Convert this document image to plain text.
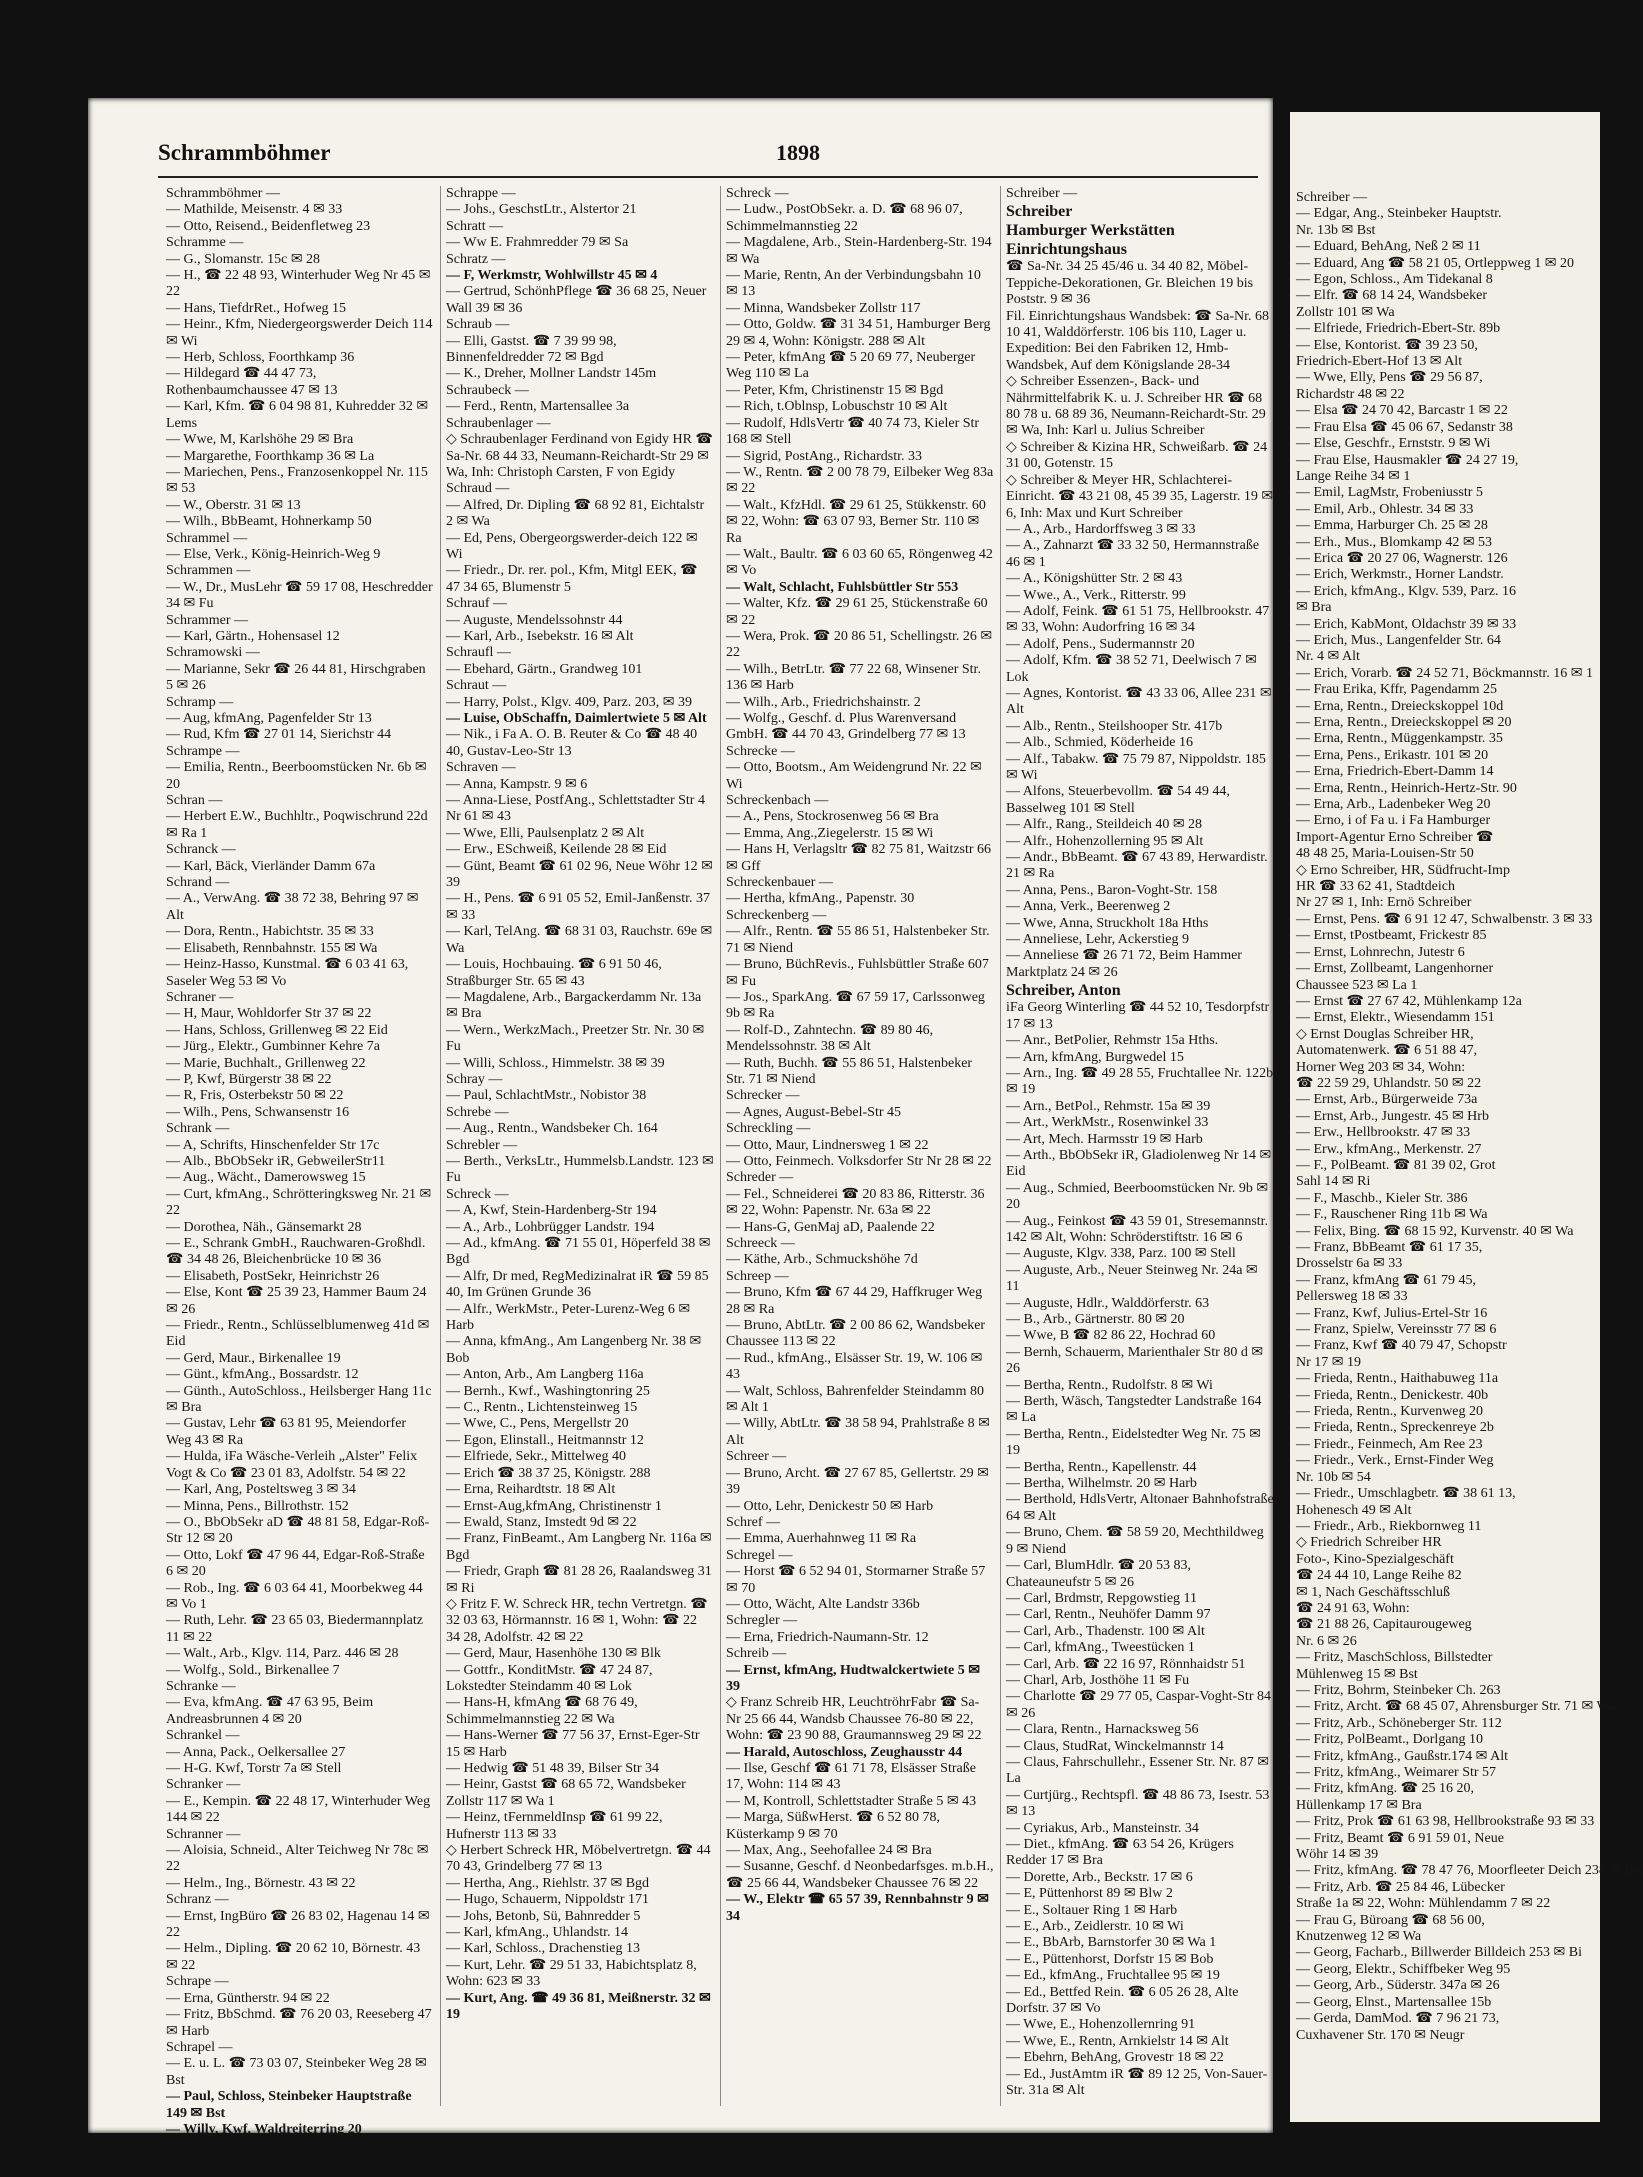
Schrammböhmer	1898
Schrammböhmer —
— Mathilde, Meisenstr. 4 ✉ 33
— Otto, Reisend., Beidenfletweg 23
Schramme —
— G., Slomanstr. 15c ✉ 28
— H., ☎ 22 48 93, Winterhuder Weg Nr 45 ✉ 22
— Hans, TiefdrRet., Hofweg 15
— Heinr., Kfm, Niedergeorgswerder Deich 114 ✉ Wi
— Herb, Schloss, Foorthkamp 36
— Hildegard ☎ 44 47 73, Rothenbaumchaussee 47 ✉ 13
— Karl, Kfm. ☎ 6 04 98 81, Kuhredder 32 ✉ Lems
— Wwe, M, Karlshöhe 29 ✉ Bra
— Margarethe, Foorthkamp 36 ✉ La
— Mariechen, Pens., Franzosenkoppel Nr. 115 ✉ 53
— W., Oberstr. 31 ✉ 13
— Wilh., BbBeamt, Hohnerkamp 50
Schrammel —
— Else, Verk., König-Heinrich-Weg 9
Schrammen —
— W., Dr., MusLehr ☎ 59 17 08, Heschredder 34 ✉ Fu
Schrammer —
— Karl, Gärtn., Hohensasel 12
Schramowski —
— Marianne, Sekr ☎ 26 44 81, Hirschgraben 5 ✉ 26
Schramp —
— Aug, kfmAng, Pagenfelder Str 13
— Rud, Kfm ☎ 27 01 14, Sierichstr 44
Schrampe —
— Emilia, Rentn., Beerboomstücken Nr. 6b ✉ 20
Schran —
— Herbert E.W., Buchhltr., Poqwischrund 22d ✉ Ra 1
Schranck —
— Karl, Bäck, Vierländer Damm 67a
Schrand —
— A., VerwAng. ☎ 38 72 38, Behring 97 ✉ Alt
— Dora, Rentn., Habichtstr. 35 ✉ 33
— Elisabeth, Rennbahnstr. 155 ✉ Wa
— Heinz-Hasso, Kunstmal. ☎ 6 03 41 63, Saseler Weg 53 ✉ Vo
Schraner —
— H, Maur, Wohldorfer Str 37 ✉ 22
— Hans, Schloss, Grillenweg ✉ 22 Eid
— Jürg., Elektr., Gumbinner Kehre 7a
— Marie, Buchhalt., Grillenweg 22
— P, Kwf, Bürgerstr 38 ✉ 22
— R, Fris, Osterbekstr 50 ✉ 22
— Wilh., Pens, Schwansenstr 16
Schrank —
— A, Schrifts, Hinschenfelder Str 17c
— Alb., BbObSekr iR, GebweilerStr11
— Aug., Wächt., Damerowsweg 15
— Curt, kfmAng., Schrötteringksweg Nr. 21 ✉ 22
— Dorothea, Näh., Gänsemarkt 28
— E., Schrank GmbH., Rauchwaren-Großhdl. ☎ 34 48 26, Bleichenbrücke 10 ✉ 36
— Elisabeth, PostSekr, Heinrichstr 26
— Else, Kont ☎ 25 39 23, Hammer Baum 24 ✉ 26
— Friedr., Rentn., Schlüsselblumenweg 41d ✉ Eid
— Gerd, Maur., Birkenallee 19
— Günt., kfmAng., Bossardstr. 12
— Günth., AutoSchloss., Heilsberger Hang 11c ✉ Bra
— Gustav, Lehr ☎ 63 81 95, Meiendorfer Weg 43 ✉ Ra
— Hulda, iFa Wäsche-Verleih „Alster" Felix Vogt & Co ☎ 23 01 83, Adolfstr. 54 ✉ 22
— Karl, Ang, Posteltsweg 3 ✉ 34
— Minna, Pens., Billrothstr. 152
— O., BbObSekr aD ☎ 48 81 58, Edgar-Roß-Str 12 ✉ 20
— Otto, Lokf ☎ 47 96 44, Edgar-Roß-Straße 6 ✉ 20
— Rob., Ing. ☎ 6 03 64 41, Moorbekweg 44 ✉ Vo 1
— Ruth, Lehr. ☎ 23 65 03, Biedermannplatz 11 ✉ 22
— Walt., Arb., Klgv. 114, Parz. 446 ✉ 28
— Wolfg., Sold., Birkenallee 7
Schranke —
— Eva, kfmAng. ☎ 47 63 95, Beim Andreasbrunnen 4 ✉ 20
Schrankel —
— Anna, Pack., Oelkersallee 27
— H-G. Kwf, Torstr 7a ✉ Stell
Schranker —
— E., Kempin. ☎ 22 48 17, Winterhuder Weg 144 ✉ 22
Schranner —
— Aloisia, Schneid., Alter Teichweg Nr 78c ✉ 22
— Helm., Ing., Börnestr. 43 ✉ 22
Schranz —
— Ernst, IngBüro ☎ 26 83 02, Hagenau 14 ✉ 22
— Helm., Dipling. ☎ 20 62 10, Börnestr. 43 ✉ 22
Schrape —
— Erna, Güntherstr. 94 ✉ 22
— Fritz, BbSchmd. ☎ 76 20 03, Reeseberg 47 ✉ Harb
Schrapel —
— E. u. L. ☎ 73 03 07, Steinbeker Weg 28 ✉ Bst
— Paul, Schloss, Steinbeker Hauptstraße 149 ✉ Bst
— Willy, Kwf, Waldreiterring 20
Schrappe —
— Johs., GeschstLtr., Alstertor 21
Schratt —
— Ww E. Frahmredder 79 ✉ Sa
Schratz —
— F, Werkmstr, Wohlwillstr 45 ✉ 4
— Gertrud, SchönhPflege ☎ 36 68 25, Neuer Wall 39 ✉ 36
Schraub —
— Elli, Gastst. ☎ 7 39 99 98, Binnenfeldredder 72 ✉ Bgd
— K., Dreher, Mollner Landstr 145m
Schraubeck —
— Ferd., Rentn, Martensallee 3a
Schraubenlager —
◇ Schraubenlager Ferdinand von Egidy HR ☎ Sa-Nr. 68 44 33, Neumann-Reichardt-Str 29 ✉ Wa, Inh: Christoph Carsten, F von Egidy
Schraud —
— Alfred, Dr. Dipling ☎ 68 92 81, Eichtalstr 2 ✉ Wa
— Ed, Pens, Obergeorgswerder-deich 122 ✉ Wi
— Friedr., Dr. rer. pol., Kfm, Mitgl EEK, ☎ 47 34 65, Blumenstr 5
Schrauf —
— Auguste, Mendelssohnstr 44
— Karl, Arb., Isebekstr. 16 ✉ Alt
Schraufl —
— Ebehard, Gärtn., Grandweg 101
Schraut —
— Harry, Polst., Klgv. 409, Parz. 203, ✉ 39
— Luise, ObSchaffn, Daimlertwiete 5 ✉ Alt
— Nik., i Fa A. O. B. Reuter & Co ☎ 48 40 40, Gustav-Leo-Str 13
Schraven —
— Anna, Kampstr. 9 ✉ 6
— Anna-Liese, PostfAng., Schlettstadter Str 4 Nr 61 ✉ 43
— Wwe, Elli, Paulsenplatz 2 ✉ Alt
— Erw., ESchweiß, Keilende 28 ✉ Eid
— Günt, Beamt ☎ 61 02 96, Neue Wöhr 12 ✉ 39
— H., Pens. ☎ 6 91 05 52, Emil-Janßenstr. 37 ✉ 33
— Karl, TelAng. ☎ 68 31 03, Rauchstr. 69e ✉ Wa
— Louis, Hochbauing. ☎ 6 91 50 46, Straßburger Str. 65 ✉ 43
— Magdalene, Arb., Bargackerdamm Nr. 13a ✉ Bra
— Wern., WerkzMach., Preetzer Str. Nr. 30 ✉ Fu
— Willi, Schloss., Himmelstr. 38 ✉ 39
Schray —
— Paul, SchlachtMstr., Nobistor 38
Schrebe —
— Aug., Rentn., Wandsbeker Ch. 164
Schrebler —
— Berth., VerksLtr., Hummelsb.Landstr. 123 ✉ Fu
Schreck —
— A, Kwf, Stein-Hardenberg-Str 194
— A., Arb., Lohbrügger Landstr. 194
— Ad., kfmAng. ☎ 71 55 01, Höperfeld 38 ✉ Bgd
— Alfr, Dr med, RegMedizinalrat iR ☎ 59 85 40, Im Grünen Grunde 36
— Alfr., WerkMstr., Peter-Lurenz-Weg 6 ✉ Harb
— Anna, kfmAng., Am Langenberg Nr. 38 ✉ Bob
— Anton, Arb., Am Langberg 116a
— Bernh., Kwf., Washingtonring 25
— C., Rentn., Lichtensteinweg 15
— Wwe, C., Pens, Mergellstr 20
— Egon, Elinstall., Heitmannstr 12
— Elfriede, Sekr., Mittelweg 40
— Erich ☎ 38 37 25, Königstr. 288
— Erna, Reihardtstr. 18 ✉ Alt
— Ernst-Aug,kfmAng, Christinenstr 1
— Ewald, Stanz, Imstedt 9d ✉ 22
— Franz, FinBeamt., Am Langberg Nr. 116a ✉ Bgd
— Friedr, Graph ☎ 81 28 26, Raalandsweg 31 ✉ Ri
◇ Fritz F. W. Schreck HR, techn Vertretgn. ☎ 32 03 63, Hörmannstr. 16 ✉ 1, Wohn: ☎ 22 34 28, Adolfstr. 42 ✉ 22
— Gerd, Maur, Hasenhöhe 130 ✉ Blk
— Gottfr., KonditMstr. ☎ 47 24 87, Lokstedter Steindamm 40 ✉ Lok
— Hans-H, kfmAng ☎ 68 76 49, Schimmelmannstieg 22 ✉ Wa
— Hans-Werner ☎ 77 56 37, Ernst-Eger-Str 15 ✉ Harb
— Hedwig ☎ 51 48 39, Bilser Str 34
— Heinr, Gastst ☎ 68 65 72, Wandsbeker Zollstr 117 ✉ Wa 1
— Heinz, tFernmeldInsp ☎ 61 99 22, Hufnerstr 113 ✉ 33
◇ Herbert Schreck HR, Möbelvertretgn. ☎ 44 70 43, Grindelberg 77 ✉ 13
— Hertha, Ang., Riehlstr. 37 ✉ Bgd
— Hugo, Schauerm, Nippoldstr 171
— Johs, Betonb, Sü, Bahnredder 5
— Karl, kfmAng., Uhlandstr. 14
— Karl, Schloss., Drachenstieg 13
— Kurt, Lehr. ☎ 29 51 33, Habichtsplatz 8, Wohn: 623 ✉ 33
— Kurt, Ang. ☎ 49 36 81, Meißnerstr. 32 ✉ 19
Schreck —
— Ludw., PostObSekr. a. D. ☎ 68 96 07, Schimmelmannstieg 22
— Magdalene, Arb., Stein-Hardenberg-Str. 194 ✉ Wa
— Marie, Rentn, An der Verbindungsbahn 10 ✉ 13
— Minna, Wandsbeker Zollstr 117
— Otto, Goldw. ☎ 31 34 51, Hamburger Berg 29 ✉ 4, Wohn: Königstr. 288 ✉ Alt
— Peter, kfmAng ☎ 5 20 69 77, Neuberger Weg 110 ✉ La
— Peter, Kfm, Christinenstr 15 ✉ Bgd
— Rich, t.Oblnsp, Lobuschstr 10 ✉ Alt
— Rudolf, HdlsVertr ☎ 40 74 73, Kieler Str 168 ✉ Stell
— Sigrid, PostAng., Richardstr. 33
— W., Rentn. ☎ 2 00 78 79, Eilbeker Weg 83a ✉ 22
— Walt., KfzHdl. ☎ 29 61 25, Stükkenstr. 60 ✉ 22, Wohn: ☎ 63 07 93, Berner Str. 110 ✉ Ra
— Walt., Baultr. ☎ 6 03 60 65, Röngenweg 42 ✉ Vo
— Walt, Schlacht, Fuhlsbüttler Str 553
— Walter, Kfz. ☎ 29 61 25, Stückenstraße 60 ✉ 22
— Wera, Prok. ☎ 20 86 51, Schellingstr. 26 ✉ 22
— Wilh., BetrLtr. ☎ 77 22 68, Winsener Str. 136 ✉ Harb
— Wilh., Arb., Friedrichshainstr. 2
— Wolfg., Geschf. d. Plus Warenversand GmbH. ☎ 44 70 43, Grindelberg 77 ✉ 13
Schrecke —
— Otto, Bootsm., Am Weidengrund Nr. 22 ✉ Wi
Schreckenbach —
— A., Pens, Stockrosenweg 56 ✉ Bra
— Emma, Ang.,Ziegelerstr. 15 ✉ Wi
— Hans H, Verlagsltr ☎ 82 75 81, Waitzstr 66 ✉ Gff
Schreckenbauer —
— Hertha, kfmAng., Papenstr. 30
Schreckenberg —
— Alfr., Rentn. ☎ 55 86 51, Halstenbeker Str. 71 ✉ Niend
— Bruno, BüchRevis., Fuhlsbüttler Straße 607 ✉ Fu
— Jos., SparkAng. ☎ 67 59 17, Carlssonweg 9b ✉ Ra
— Rolf-D., Zahntechn. ☎ 89 80 46, Mendelssohnstr. 38 ✉ Alt
— Ruth, Buchh. ☎ 55 86 51, Halstenbeker Str. 71 ✉ Niend
Schrecker —
— Agnes, August-Bebel-Str 45
Schreckling —
— Otto, Maur, Lindnersweg 1 ✉ 22
— Otto, Feinmech. Volksdorfer Str Nr 28 ✉ 22
Schreder —
— Fel., Schneiderei ☎ 20 83 86, Ritterstr. 36 ✉ 22, Wohn: Papenstr. Nr. 63a ✉ 22
— Hans-G, GenMaj aD, Paalende 22
Schreeck —
— Käthe, Arb., Schmuckshöhe 7d
Schreep —
— Bruno, Kfm ☎ 67 44 29, Haffkruger Weg 28 ✉ Ra
— Bruno, AbtLtr. ☎ 2 00 86 62, Wandsbeker Chaussee 113 ✉ 22
— Rud., kfmAng., Elsässer Str. 19, W. 106 ✉ 43
— Walt, Schloss, Bahrenfelder Steindamm 80 ✉ Alt 1
— Willy, AbtLtr. ☎ 38 58 94, Prahlstraße 8 ✉ Alt
Schreer —
— Bruno, Archt. ☎ 27 67 85, Gellertstr. 29 ✉ 39
— Otto, Lehr, Denickestr 50 ✉ Harb
Schref —
— Emma, Auerhahnweg 11 ✉ Ra
Schregel —
— Horst ☎ 6 52 94 01, Stormarner Straße 57 ✉ 70
— Otto, Wächt, Alte Landstr 336b
Schregler —
— Erna, Friedrich-Naumann-Str. 12
Schreib —
— Ernst, kfmAng, Hudtwalckertwiete 5 ✉ 39
◇ Franz Schreib HR, LeuchtröhrFabr ☎ Sa-Nr 25 66 44, Wandsb Chaussee 76-80 ✉ 22, Wohn: ☎ 23 90 88, Graumannsweg 29 ✉ 22
— Harald, Autoschloss, Zeughausstr 44
— Ilse, Geschf ☎ 61 71 78, Elsässer Straße 17, Wohn: 114 ✉ 43
— M, Kontroll, Schlettstadter Straße 5 ✉ 43
— Marga, SüßwHerst. ☎ 6 52 80 78, Küsterkamp 9 ✉ 70
— Max, Ang., Seehofallee 24 ✉ Bra
— Susanne, Geschf. d Neonbedarfsges. m.b.H., ☎ 25 66 44, Wandsbeker Chaussee 76 ✉ 22
— W., Elektr ☎ 65 57 39, Rennbahnstr 9 ✉ 34
Schreiber —
Schreiber
Hamburger Werkstätten
Einrichtungshaus
☎ Sa-Nr. 34 25 45/46 u. 34 40 82, Möbel-Teppiche-Dekorationen, Gr. Bleichen 19 bis Poststr. 9 ✉ 36
Fil. Einrichtungshaus Wandsbek: ☎ Sa-Nr. 68 10 41, Walddörferstr. 106 bis 110, Lager u. Expedition: Bei den Fabriken 12, Hmb-Wandsbek, Auf dem Königslande 28-34
◇ Schreiber Essenzen-, Back- und Nährmittelfabrik K. u. J. Schreiber HR ☎ 68 80 78 u. 68 89 36, Neumann-Reichardt-Str. 29 ✉ Wa, Inh: Karl u. Julius Schreiber
◇ Schreiber & Kizina HR, Schweißarb. ☎ 24 31 00, Gotenstr. 15
◇ Schreiber & Meyer HR, Schlachterei-Einricht. ☎ 43 21 08, 45 39 35, Lagerstr. 19 ✉ 6, Inh: Max und Kurt Schreiber
— A., Arb., Hardorffsweg 3 ✉ 33
— A., Zahnarzt ☎ 33 32 50, Hermannstraße 46 ✉ 1
— A., Königshütter Str. 2 ✉ 43
— Wwe., A., Verk., Ritterstr. 99
— Adolf, Feink. ☎ 61 51 75, Hellbrookstr. 47 ✉ 33, Wohn: Audorfring 16 ✉ 34
— Adolf, Pens., Sudermannstr 20
— Adolf, Kfm. ☎ 38 52 71, Deelwisch 7 ✉ Lok
— Agnes, Kontorist. ☎ 43 33 06, Allee 231 ✉ Alt
— Alb., Rentn., Steilshooper Str. 417b
— Alb., Schmied, Köderheide 16
— Alf., Tabakw. ☎ 75 79 87, Nippoldstr. 185 ✉ Wi
— Alfons, Steuerbevollm. ☎ 54 49 44, Basselweg 101 ✉ Stell
— Alfr., Rang., Steildeich 40 ✉ 28
— Alfr., Hohenzollerning 95 ✉ Alt
— Andr., BbBeamt. ☎ 67 43 89, Herwardistr. 21 ✉ Ra
— Anna, Pens., Baron-Voght-Str. 158
— Anna, Verk., Beerenweg 2
— Wwe, Anna, Struckholt 18a Hths
— Anneliese, Lehr, Ackerstieg 9
— Anneliese ☎ 26 71 72, Beim Hammer Marktplatz 24 ✉ 26
Schreiber, Anton
iFa Georg Winterling ☎ 44 52 10, Tesdorpfstr 17 ✉ 13
— Anr., BetPolier, Rehmstr 15a Hths.
— Arn, kfmAng, Burgwedel 15
— Arn., Ing. ☎ 49 28 55, Fruchtallee Nr. 122b ✉ 19
— Arn., BetPol., Rehmstr. 15a ✉ 39
— Art., WerkMstr., Rosenwinkel 33
— Art, Mech. Harmsstr 19 ✉ Harb
— Arth., BbObSekr iR, Gladiolenweg Nr 14 ✉ Eid
— Aug., Schmied, Beerboomstücken Nr. 9b ✉ 20
— Aug., Feinkost ☎ 43 59 01, Stresemannstr. 142 ✉ Alt, Wohn: Schröderstiftstr. 16 ✉ 6
— Auguste, Klgv. 338, Parz. 100 ✉ Stell
— Auguste, Arb., Neuer Steinweg Nr. 24a ✉ 11
— Auguste, Hdlr., Walddörferstr. 63
— B., Arb., Gärtnerstr. 80 ✉ 20
— Wwe, B ☎ 82 86 22, Hochrad 60
— Bernh, Schauerm, Marienthaler Str 80 d ✉ 26
— Bertha, Rentn., Rudolfstr. 8 ✉ Wi
— Berth, Wäsch, Tangstedter Landstraße 164 ✉ La
— Bertha, Rentn., Eidelstedter Weg Nr. 75 ✉ 19
— Bertha, Rentn., Kapellenstr. 44
— Bertha, Wilhelmstr. 20 ✉ Harb
— Berthold, HdlsVertr, Altonaer Bahnhofstraße 64 ✉ Alt
— Bruno, Chem. ☎ 58 59 20, Mechthildweg 9 ✉ Niend
— Carl, BlumHdlr. ☎ 20 53 83, Chateauneufstr 5 ✉ 26
— Carl, Brdmstr, Repgowstieg 11
— Carl, Rentn., Neuhöfer Damm 97
— Carl, Arb., Thadenstr. 100 ✉ Alt
— Carl, kfmAng., Tweestücken 1
— Carl, Arb. ☎ 22 16 97, Rönnhaidstr 51
— Charl, Arb, Josthöhe 11 ✉ Fu
— Charlotte ☎ 29 77 05, Caspar-Voght-Str 84 ✉ 26
— Clara, Rentn., Harnacksweg 56
— Claus, StudRat, Winckelmannstr 14
— Claus, Fahrschullehr., Essener Str. Nr. 87 ✉ La
— Curtjürg., Rechtspfl. ☎ 48 86 73, Isestr. 53 ✉ 13
— Cyriakus, Arb., Mansteinstr. 34
— Diet., kfmAng. ☎ 63 54 26, Krügers Redder 17 ✉ Bra
— Dorette, Arb., Beckstr. 17 ✉ 6
— E, Püttenhorst 89 ✉ Blw 2
— E., Soltauer Ring 1 ✉ Harb
— E., Arb., Zeidlerstr. 10 ✉ Wi
— E., BbArb, Barnstorfer 30 ✉ Wa 1
— E., Püttenhorst, Dorfstr 15 ✉ Bob
— Ed., kfmAng., Fruchtallee 95 ✉ 19
— Ed., Bettfed Rein. ☎ 6 05 26 28, Alte Dorfstr. 37 ✉ Vo
— Wwe, E., Hohenzollernring 91
— Wwe, E., Rentn, Arnkielstr 14 ✉ Alt
— Ebehrn, BehAng, Grovestr 18 ✉ 22
— Ed., JustAmtm iR ☎ 89 12 25, Von-Sauer-Str. 31a ✉ Alt
Schreiber —
— Edgar, Ang., Steinbeker Hauptstr.
Nr. 13b ✉ Bst
— Eduard, BehAng, Neß 2 ✉ 11
— Eduard, Ang ☎ 58 21 05, Ortleppweg 1 ✉ 20
— Egon, Schloss., Am Tidekanal 8
— Elfr. ☎ 68 14 24, Wandsbeker
Zollstr 101 ✉ Wa
— Elfriede, Friedrich-Ebert-Str. 89b
— Else, Kontorist. ☎ 39 23 50,
Friedrich-Ebert-Hof 13 ✉ Alt
— Wwe, Elly, Pens ☎ 29 56 87,
Richardstr 48 ✉ 22
— Elsa ☎ 24 70 42, Barcastr 1 ✉ 22
— Frau Elsa ☎ 45 06 67, Sedanstr 38
— Else, Geschfr., Ernststr. 9 ✉ Wi
— Frau Else, Hausmakler ☎ 24 27 19,
Lange Reihe 34 ✉ 1
— Emil, LagMstr, Frobeniusstr 5
— Emil, Arb., Ohlestr. 34 ✉ 33
— Emma, Harburger Ch. 25 ✉ 28
— Erh., Mus., Blomkamp 42 ✉ 53
— Erica ☎ 20 27 06, Wagnerstr. 126
— Erich, Werkmstr., Horner Landstr.
— Erich, kfmAng., Klgv. 539, Parz. 16
✉ Bra
— Erich, KabMont, Oldachstr 39 ✉ 33
— Erich, Mus., Langenfelder Str. 64
Nr. 4 ✉ Alt
— Erich, Vorarb. ☎ 24 52 71, Böckmannstr. 16 ✉ 1
— Frau Erika, Kffr, Pagendamm 25
— Erna, Rentn., Dreieckskoppel 10d
— Erna, Rentn., Dreieckskoppel ✉ 20
— Erna, Rentn., Müggenkampstr. 35
— Erna, Pens., Erikastr. 101 ✉ 20
— Erna, Friedrich-Ebert-Damm 14
— Erna, Rentn., Heinrich-Hertz-Str. 90
— Erna, Arb., Ladenbeker Weg 20
— Erno, i of Fa u. i Fa Hamburger
Import-Agentur Erno Schreiber ☎
48 48 25, Maria-Louisen-Str 50
◇ Erno Schreiber, HR, Südfrucht-Imp
HR ☎ 33 62 41, Stadtdeich
Nr 27 ✉ 1, Inh: Ernö Schreiber
— Ernst, Pens. ☎ 6 91 12 47, Schwalbenstr. 3 ✉ 33
— Ernst, tPostbeamt, Frickestr 85
— Ernst, Lohnrechn, Jutestr 6
— Ernst, Zollbeamt, Langenhorner
Chaussee 523 ✉ La 1
— Ernst ☎ 27 67 42, Mühlenkamp 12a
— Ernst, Elektr., Wiesendamm 151
◇ Ernst Douglas Schreiber HR,
Automatenwerk. ☎ 6 51 88 47,
Horner Weg 203 ✉ 34, Wohn:
☎ 22 59 29, Uhlandstr. 50 ✉ 22
— Ernst, Arb., Bürgerweide 73a
— Ernst, Arb., Jungestr. 45 ✉ Hrb
— Erw., Hellbrookstr. 47 ✉ 33
— Erw., kfmAng., Merkenstr. 27
— F., PolBeamt. ☎ 81 39 02, Grot
Sahl 14 ✉ Ri
— F., Maschb., Kieler Str. 386
— F., Rauschener Ring 11b ✉ Wa
— Felix, Bing. ☎ 68 15 92, Kurvenstr. 40 ✉ Wa
— Franz, BbBeamt ☎ 61 17 35,
Drosselstr 6a ✉ 33
— Franz, kfmAng ☎ 61 79 45,
Pellersweg 18 ✉ 33
— Franz, Kwf, Julius-Ertel-Str 16
— Franz, Spielw, Vereinsstr 77 ✉ 6
— Franz, Kwf ☎ 40 79 47, Schopstr
Nr 17 ✉ 19
— Frieda, Rentn., Haithabuweg 11a
— Frieda, Rentn., Denickestr. 40b
— Frieda, Rentn., Kurvenweg 20
— Frieda, Rentn., Spreckenreye 2b
— Friedr., Feinmech, Am Ree 23
— Friedr., Verk., Ernst-Finder Weg
Nr. 10b ✉ 54
— Friedr., Umschlagbetr. ☎ 38 61 13,
Hohenesch 49 ✉ Alt
— Friedr., Arb., Riekbornweg 11
◇ Friedrich Schreiber HR
Foto-, Kino-Spezialgeschäft
☎ 24 44 10, Lange Reihe 82
✉ 1, Nach Geschäftsschluß
☎ 24 91 63, Wohn:
☎ 21 88 26, Capitaurougeweg
Nr. 6 ✉ 26
— Fritz, MaschSchloss, Billstedter
Mühlenweg 15 ✉ Bst
— Fritz, Bohrm, Steinbeker Ch. 263
— Fritz, Archt. ☎ 68 45 07, Ahrensburger Str. 71 ✉ Wa
— Fritz, Arb., Schöneberger Str. 112
— Fritz, PolBeamt., Dorlgang 10
— Fritz, kfmAng., Gaußstr.174 ✉ Alt
— Fritz, kfmAng., Weimarer Str 57
— Fritz, kfmAng. ☎ 25 16 20,
Hüllenkamp 17 ✉ Bra
— Fritz, Prok ☎ 61 63 98, Hellbrookstraße 93 ✉ 33
— Fritz, Beamt ☎ 6 91 59 01, Neue
Wöhr 14 ✉ 39
— Fritz, kfmAng. ☎ 78 47 76, Moorfleeter Deich 238 ✉ Bst
— Fritz, Arb. ☎ 25 84 46, Lübecker
Straße 1a ✉ 22, Wohn: Mühlendamm 7 ✉ 22
— Frau G, Büroang ☎ 68 56 00,
Knutzenweg 12 ✉ Wa
— Georg, Facharb., Billwerder Billdeich 253 ✉ Bi
— Georg, Elektr., Schiffbeker Weg 95
— Georg, Arb., Süderstr. 347a ✉ 26
— Georg, Elnst., Martensallee 15b
— Gerda, DamMod. ☎ 7 96 21 73,
Cuxhavener Str. 170 ✉ Neugr
